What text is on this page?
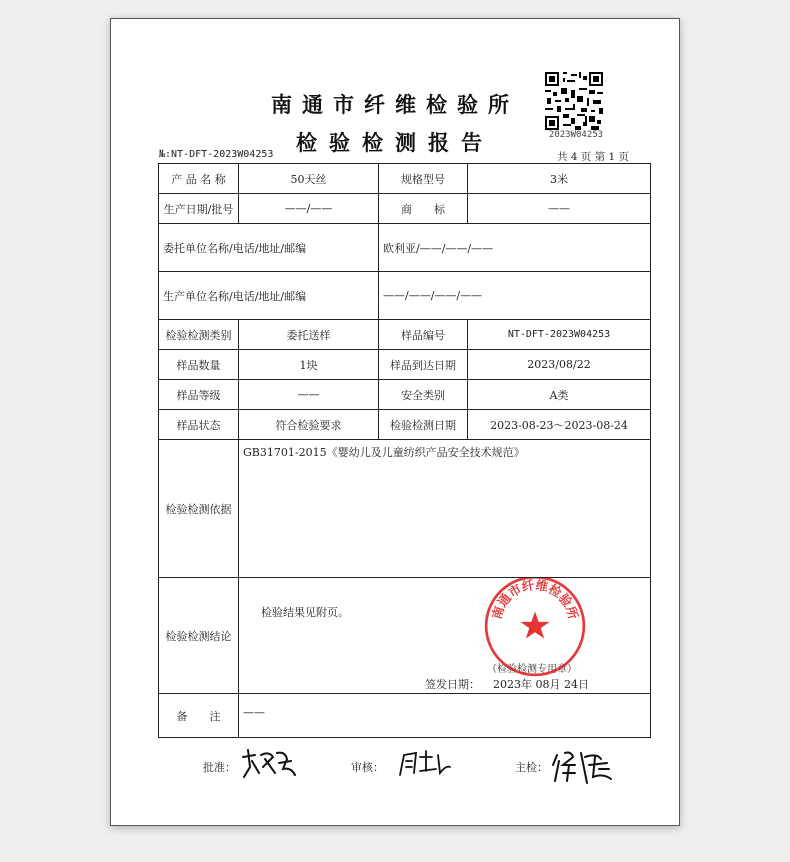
南通市纤维检验所
检验检测报告	2023W04253
№:NT-DFT-2023W04253	共 4 页 第 1 页
产 品 名 称	50天丝	规格型号	3米
生产日期/批号	——/——	商　　标	——
委托单位名称/电话/地址/邮编		欧利亚/——/——/——	
生产单位名称/电话/地址/邮编		——/——/——/——	
检验检测类别	委托送样	样品编号	NT-DFT-2023W04253
样品数量	1块	样品到达日期	2023/08/22
样品等级	——	安全类别	A类
样品状态	符合检验要求	检验检测日期	2023-08-23～2023-08-24
检验检测依据	GB31701-2015《婴幼儿及儿童纺织产品安全技术规范》		

检验检测结论	检验结果见附页。
（检验检测专用章）
签发日期： 2023年 08月 24日
南通市纤维检验所		

备　　注	——		
批准：	审核：	主检：
